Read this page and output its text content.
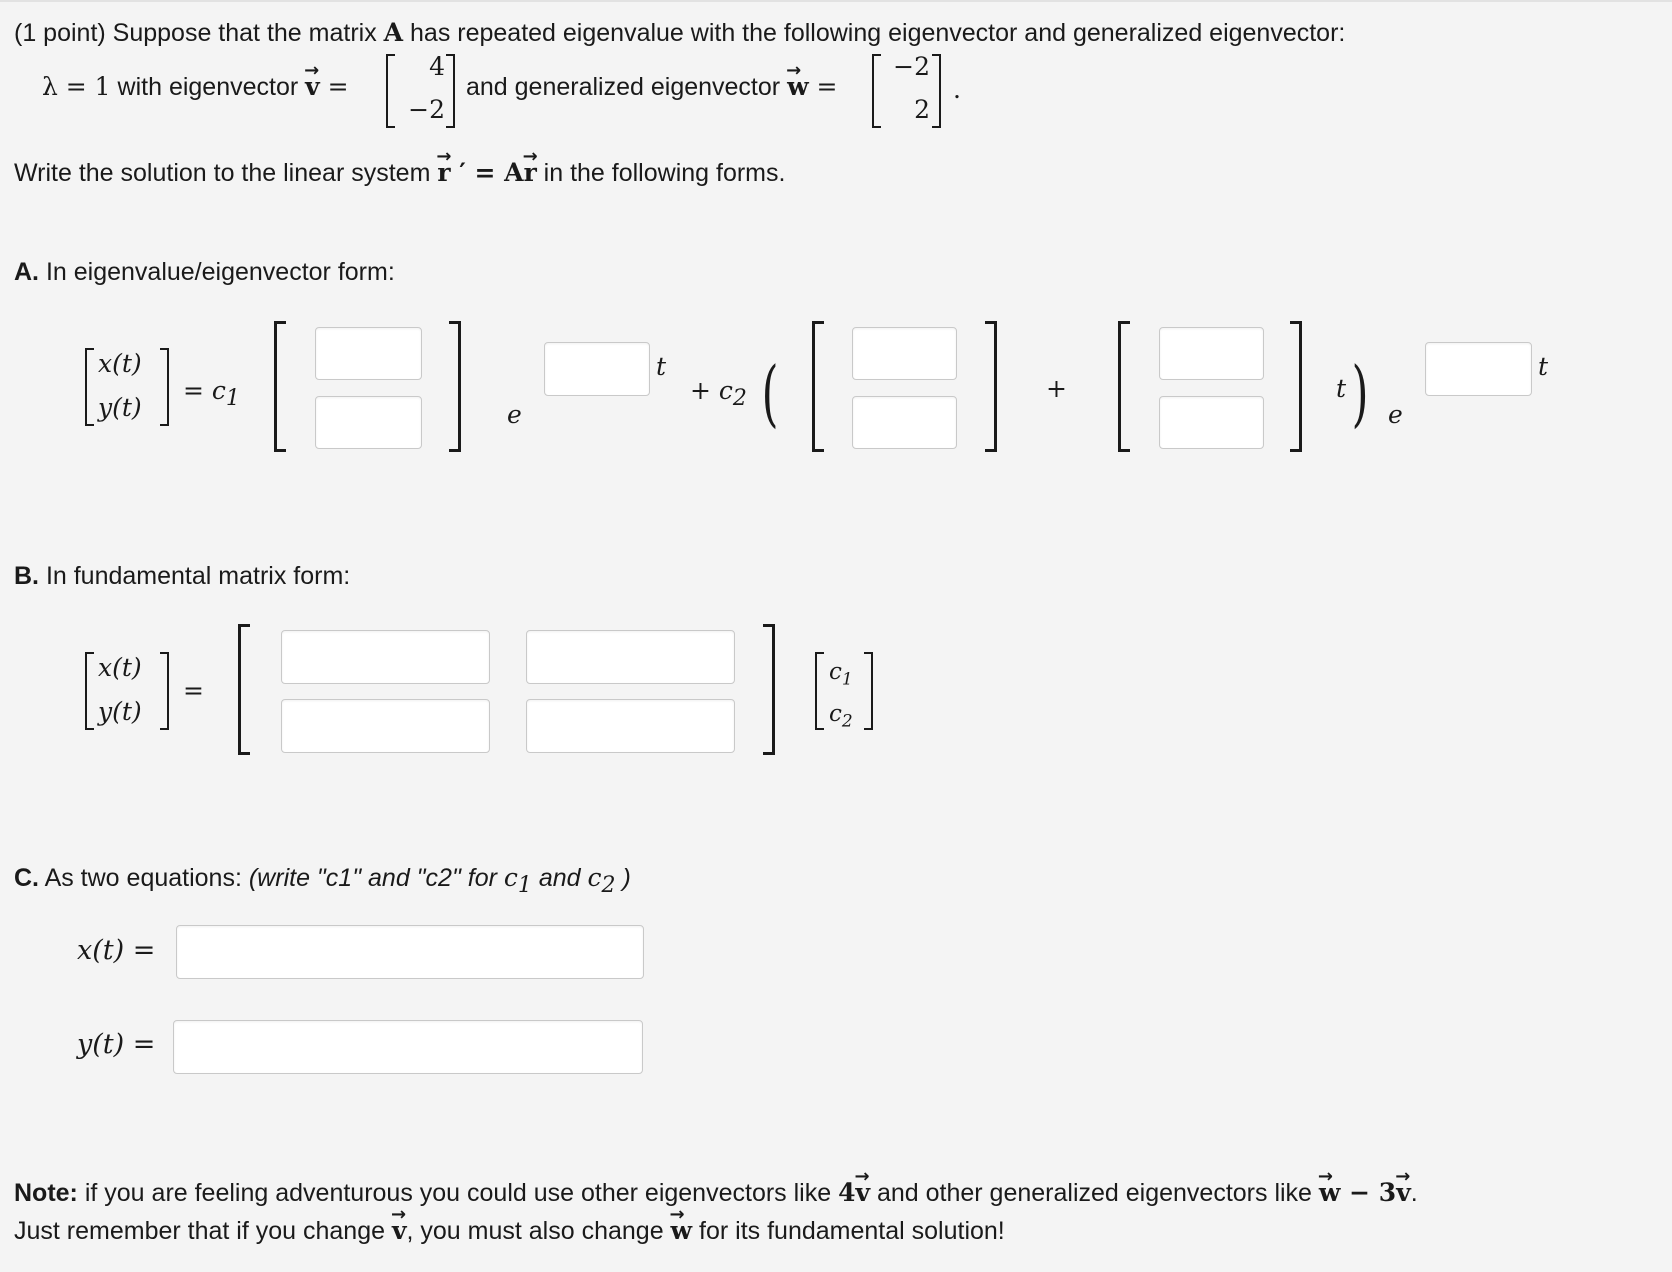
(1 point) Suppose that the matrix A has repeated eigenvalue with the following eigenvector and generalized eigenvector:
λ = 1 with eigenvector → v =
4
−2
and generalized eigenvector → w =
−2
2
.
Write the solution to the linear system → r ′ = A→ r in the following forms.
A. In eigenvalue/eigenvector form:
x(t)
y(t)
= $c_1$
e
t
+ $c_2$ (	+	t ) e
t
B. In fundamental matrix form:
x(t)
y(t)
=
$c_1$
$c_2$
C. As two equations: (write "c1" and "c2" for $c_1$ and $c_2$ )
x(t) =
y(t) =
Note: if you are feeling adventurous you could use other eigenvectors like 4→ v and other generalized eigenvectors like → w − 3→ v.
Just remember that if you change → v, you must also change → w for its fundamental solution!
